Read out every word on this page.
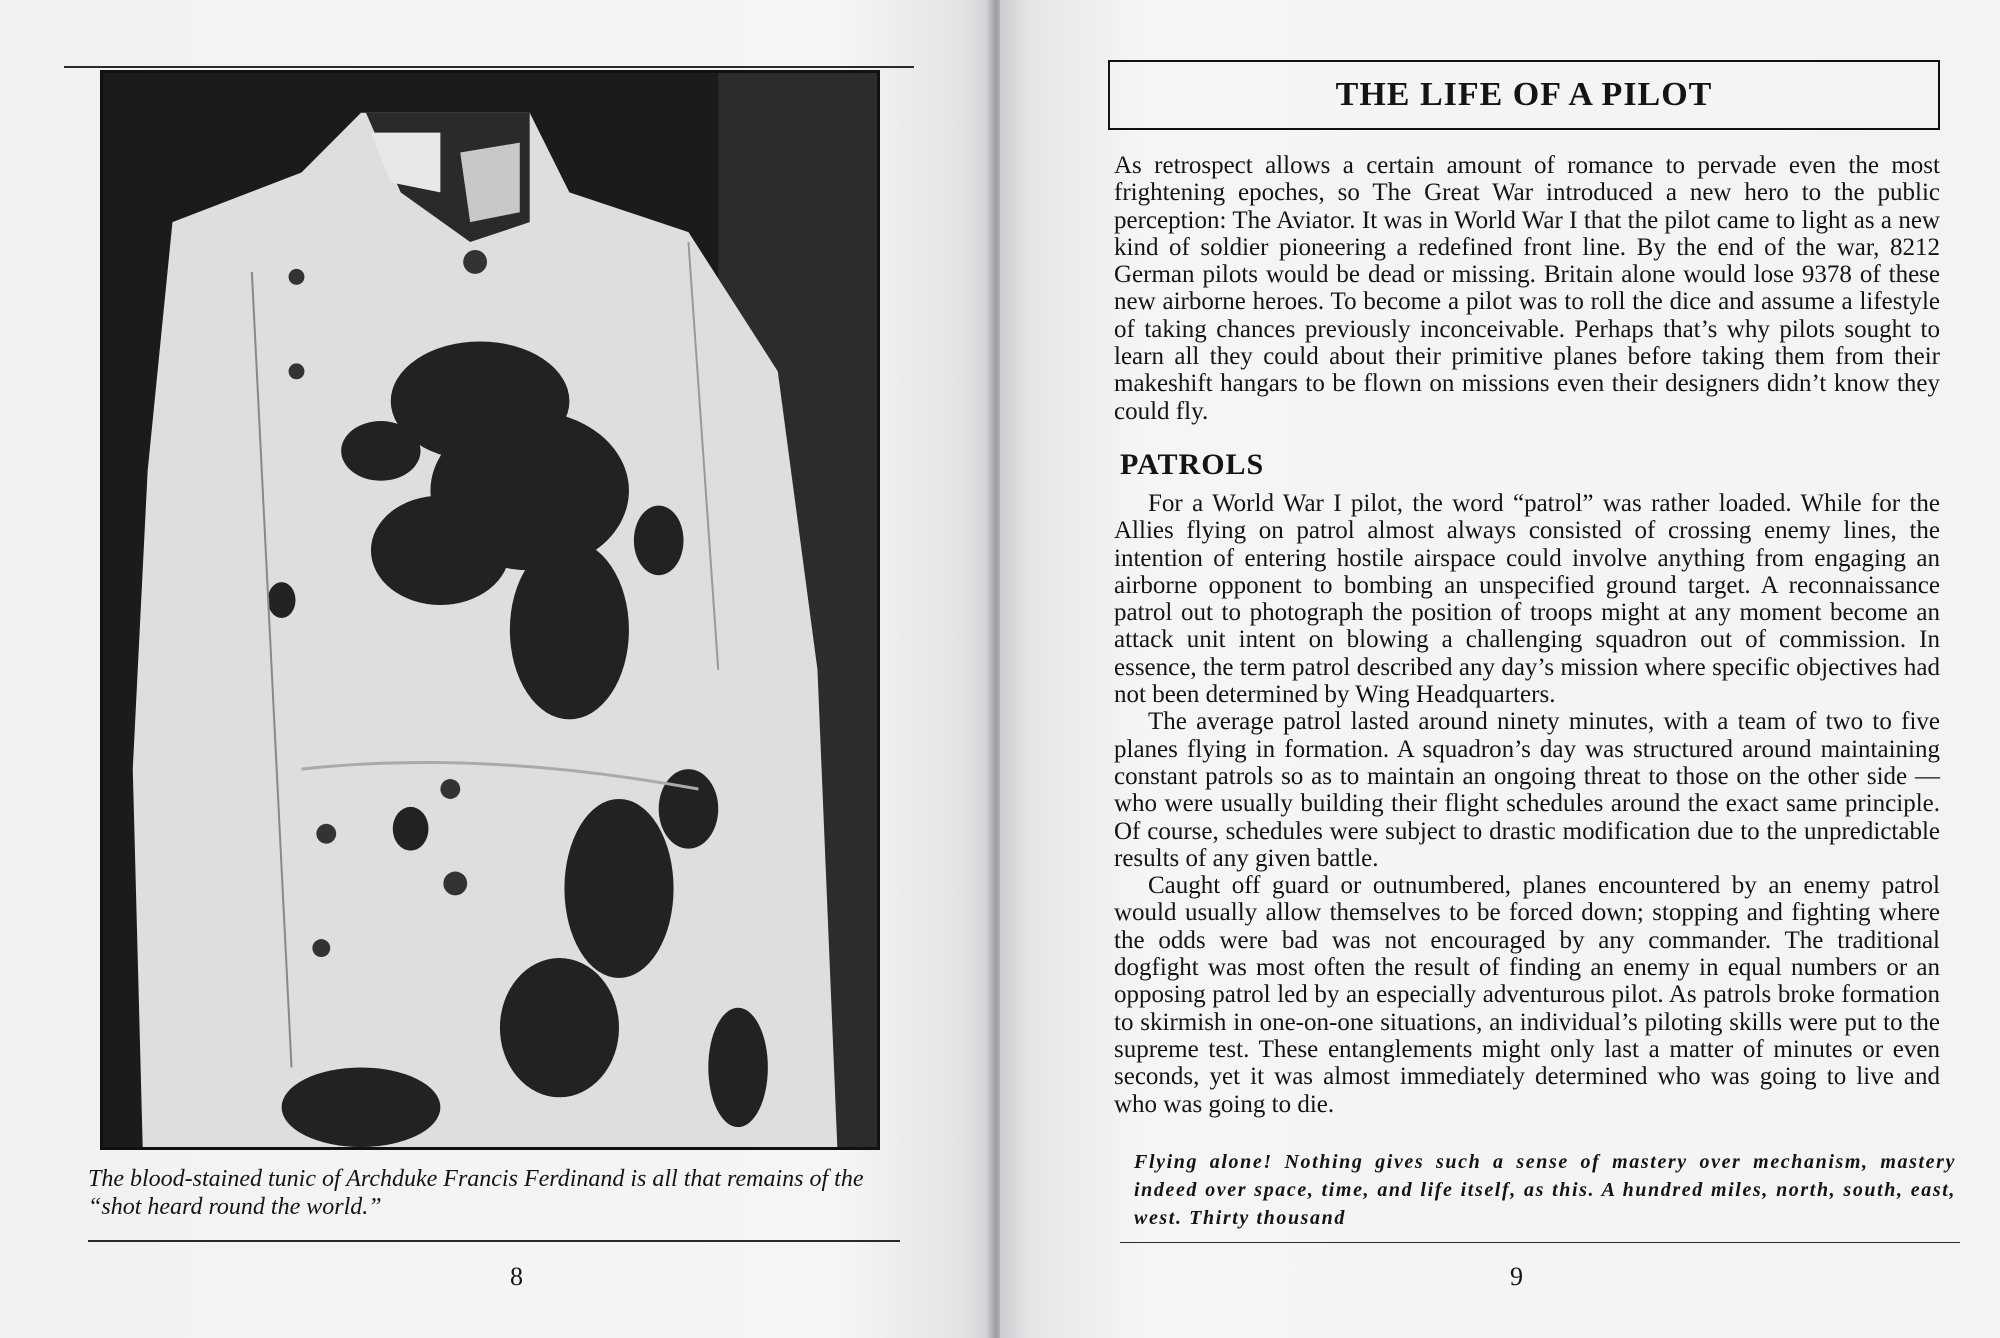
The blood-stained tunic of Archduke Francis Ferdinand is all that remains of the “shot heard round the world.”
8
THE LIFE OF A PILOT

As retrospect allows a certain amount of romance to pervade even the most frightening epoches, so The Great War introduced a new hero to the public perception: The Aviator. It was in World War I that the pilot came to light as a new kind of soldier pioneering a redefined front line. By the end of the war, 8212 German pilots would be dead or missing. Britain alone would lose 9378 of these new airborne heroes. To become a pilot was to roll the dice and assume a lifestyle of taking chances previously inconceivable. Perhaps that’s why pilots sought to learn all they could about their primitive planes before taking them from their makeshift hangars to be flown on missions even their designers didn’t know they could fly.

PATROLS

For a World War I pilot, the word “patrol” was rather loaded. While for the Allies flying on patrol almost always consisted of crossing enemy lines, the intention of entering hostile airspace could involve anything from engaging an airborne opponent to bombing an unspecified ground target. A reconnaissance patrol out to photograph the position of troops might at any moment become an attack unit intent on blowing a challenging squadron out of commission. In essence, the term patrol described any day’s mission where specific objectives had not been determined by Wing Headquarters.

The average patrol lasted around ninety minutes, with a team of two to five planes flying in formation. A squadron’s day was structured around maintaining constant patrols so as to maintain an ongoing threat to those on the other side — who were usually building their flight schedules around the exact same principle. Of course, schedules were subject to drastic modification due to the unpredictable results of any given battle.

Caught off guard or outnumbered, planes encountered by an enemy patrol would usually allow themselves to be forced down; stopping and fighting where the odds were bad was not encouraged by any commander. The traditional dogfight was most often the result of finding an enemy in equal numbers or an opposing patrol led by an especially adventurous pilot. As patrols broke formation to skirmish in one-on-one situations, an individual’s piloting skills were put to the supreme test. These entanglements might only last a matter of minutes or even seconds, yet it was almost immediately determined who was going to live and who was going to die.

Flying alone! Nothing gives such a sense of mastery over mechanism, mastery indeed over space, time, and life itself, as this. A hundred miles, north, south, east, west. Thirty thousand
9
